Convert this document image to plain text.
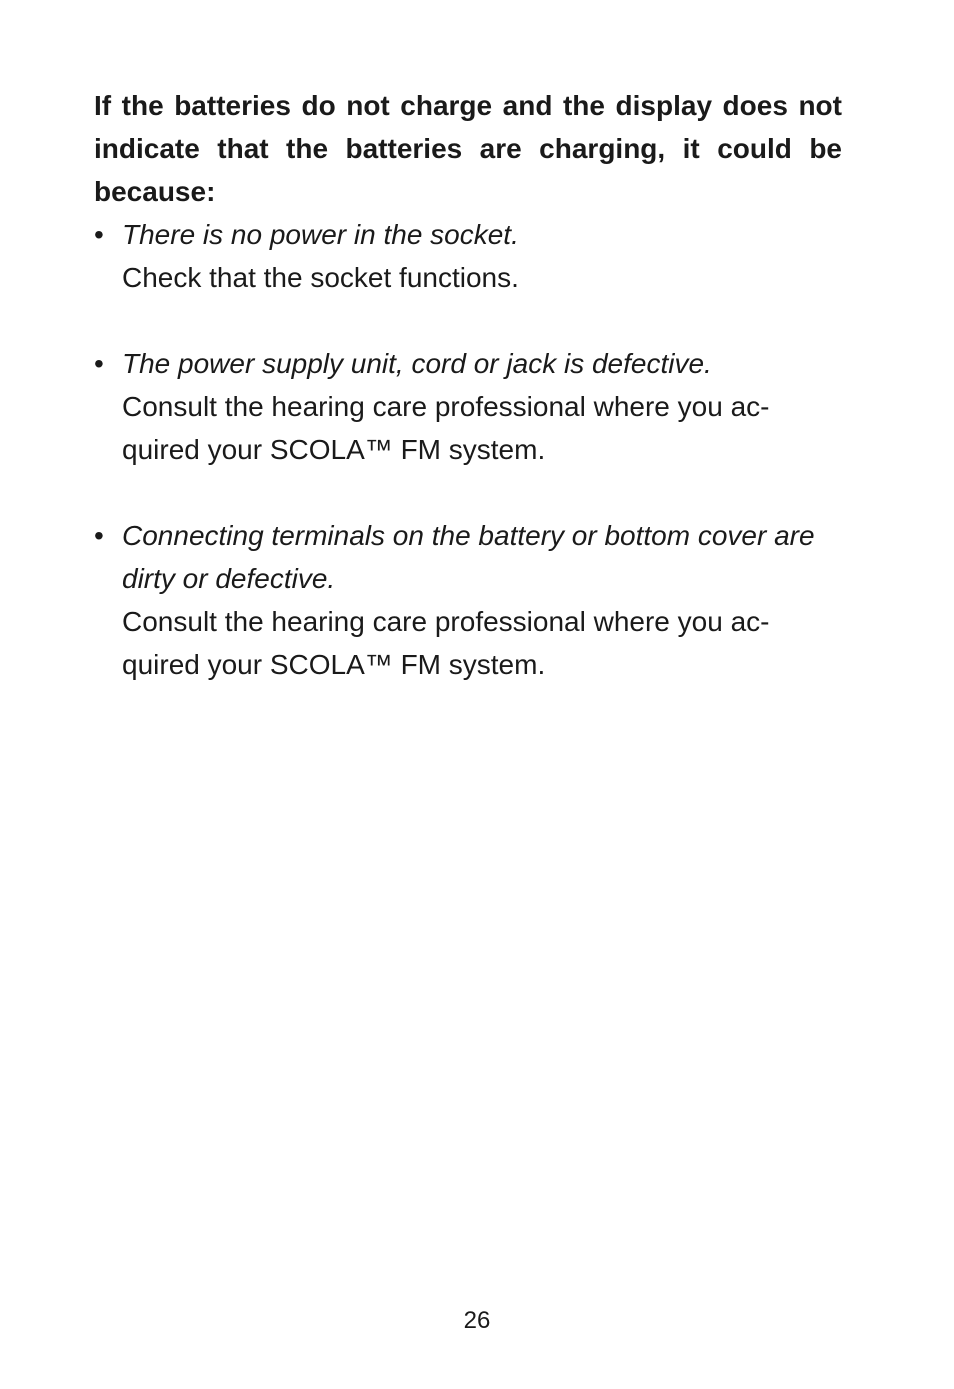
If the batteries do not charge and the display does not indicate that the batteries are charging, it could be because:

• There is no power in the socket.
Check that the socket functions.
• The power supply unit, cord or jack is defective.
Consult the hearing care professional where you ac-
quired your SCOLA™ FM system.
• Connecting terminals on the battery or bottom cover are dirty or defective.
Consult the hearing care professional where you ac-
quired your SCOLA™ FM system.
26
